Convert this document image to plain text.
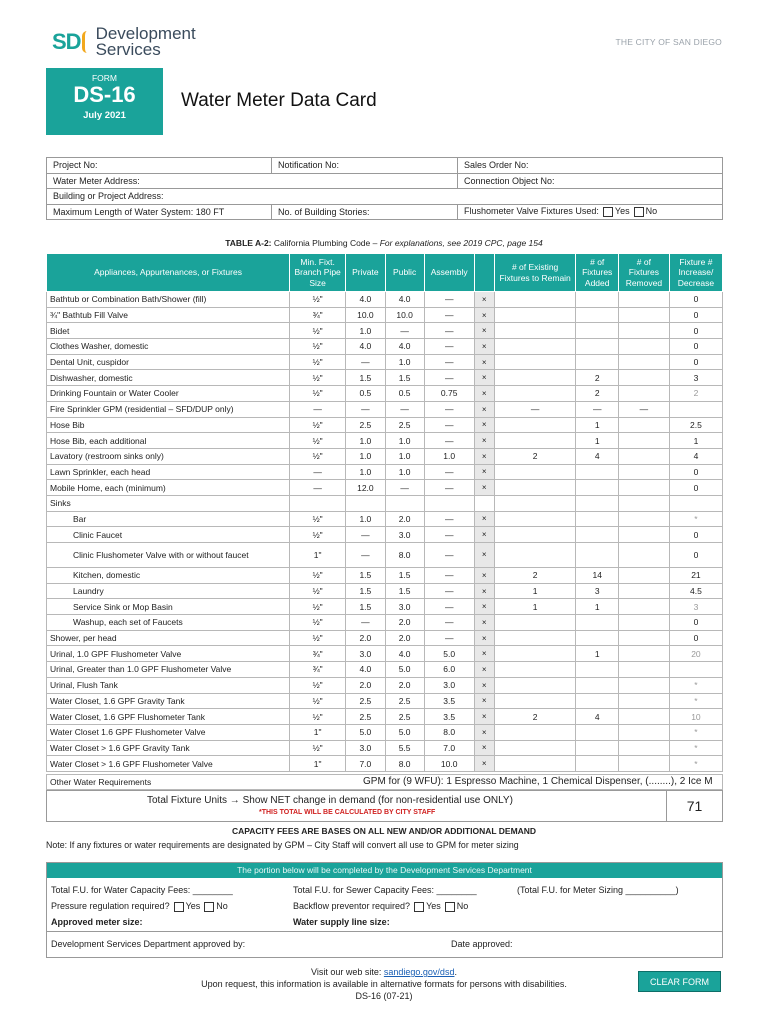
SD Development
Services	THE CITY OF SAN DIEGO
FORM
DS-16
July 2021
Water Meter Data Card
Project No:	Notification No:	Sales Order No:
Water Meter Address:		Connection Object No:
Building or Project Address:		
Maximum Length of Water System: 180 FT	No. of Building Stories:	Flushometer Valve Fixtures Used: Yes No
TABLE A-2: California Plumbing Code – For explanations, see 2019 CPC, page 154
Appliances, Appurtenances, or Fixtures	Min. Fixt. Branch Pipe Size	Private	Public	Assembly		# of Existing Fixtures to Remain	# of Fixtures Added	# of Fixtures Removed	Fixture # Increase/ Decrease
Bathtub or Combination Bath/Shower (fill)	½"	4.0	4.0	—	×				0
¾" Bathtub Fill Valve	¾"	10.0	10.0	—	×				0
Bidet	½"	1.0	—	—	×				0
Clothes Washer, domestic	½"	4.0	4.0	—	×				0
Dental Unit, cuspidor	½"	—	1.0	—	×				0
Dishwasher, domestic	½"	1.5	1.5	—	×		2		3
Drinking Fountain or Water Cooler	½"	0.5	0.5	0.75	×		2		2
Fire Sprinkler GPM (residential – SFD/DUP only)	—	—	—	—	×	—	—	—	
Hose Bib	½"	2.5	2.5	—	×		1		2.5
Hose Bib, each additional	½"	1.0	1.0	—	×		1		1
Lavatory (restroom sinks only)	½"	1.0	1.0	1.0	×	2	4		4
Lawn Sprinkler, each head	—	1.0	1.0	—	×				0
Mobile Home, each (minimum)	—	12.0	—	—	×				0
Sinks									
Bar	½"	1.0	2.0	—	×				*
Clinic Faucet	½"	—	3.0	—	×				0
Clinic Flushometer Valve with or without faucet	1"	—	8.0	—	×				0
Kitchen, domestic	½"	1.5	1.5	—	×	2	14		21
Laundry	½"	1.5	1.5	—	×	1	3		4.5
Service Sink or Mop Basin	½"	1.5	3.0	—	×	1	1		3
Washup, each set of Faucets	½"	—	2.0	—	×				0
Shower, per head	½"	2.0	2.0	—	×				0
Urinal, 1.0 GPF Flushometer Valve	¾"	3.0	4.0	5.0	×		1		20
Urinal, Greater than 1.0 GPF Flushometer Valve	¾"	4.0	5.0	6.0	×				
Urinal, Flush Tank	½"	2.0	2.0	3.0	×				*
Water Closet, 1.6 GPF Gravity Tank	½"	2.5	2.5	3.5	×				*
Water Closet, 1.6 GPF Flushometer Tank	½"	2.5	2.5	3.5	×	2	4		10
Water Closet 1.6 GPF Flushometer Valve	1"	5.0	5.0	8.0	×				*
Water Closet > 1.6 GPF Gravity Tank	½"	3.0	5.5	7.0	×				*
Water Closet > 1.6 GPF Flushometer Valve	1"	7.0	8.0	10.0	×				*
Other Water Requirements	GPM for (9 WFU): 1 Espresso Machine, 1 Chemical Dispenser, (........), 2 Ice M
Total Fixture Units → Show NET change in demand (for non-residential use ONLY)
*THIS TOTAL WILL BE CALCULATED BY CITY STAFF	71
CAPACITY FEES ARE BASES ON ALL NEW AND/OR ADDITIONAL DEMAND
Note: If any fixtures or water requirements are designated by GPM – City Staff will convert all use to GPM for meter sizing
The portion below will be completed by the Development Services Department
Total F.U. for Water Capacity Fees: ________	Total F.U. for Sewer Capacity Fees: ________	(Total F.U. for Meter Sizing __________)
Pressure regulation required? Yes No	Backflow preventor required? Yes No
Approved meter size:	Water supply line size:
Development Services Department approved by:	Date approved:
Visit our web site: sandiego.gov/dsd.
Upon request, this information is available in alternative formats for persons with disabilities.
DS-16 (07-21)
CLEAR FORM
